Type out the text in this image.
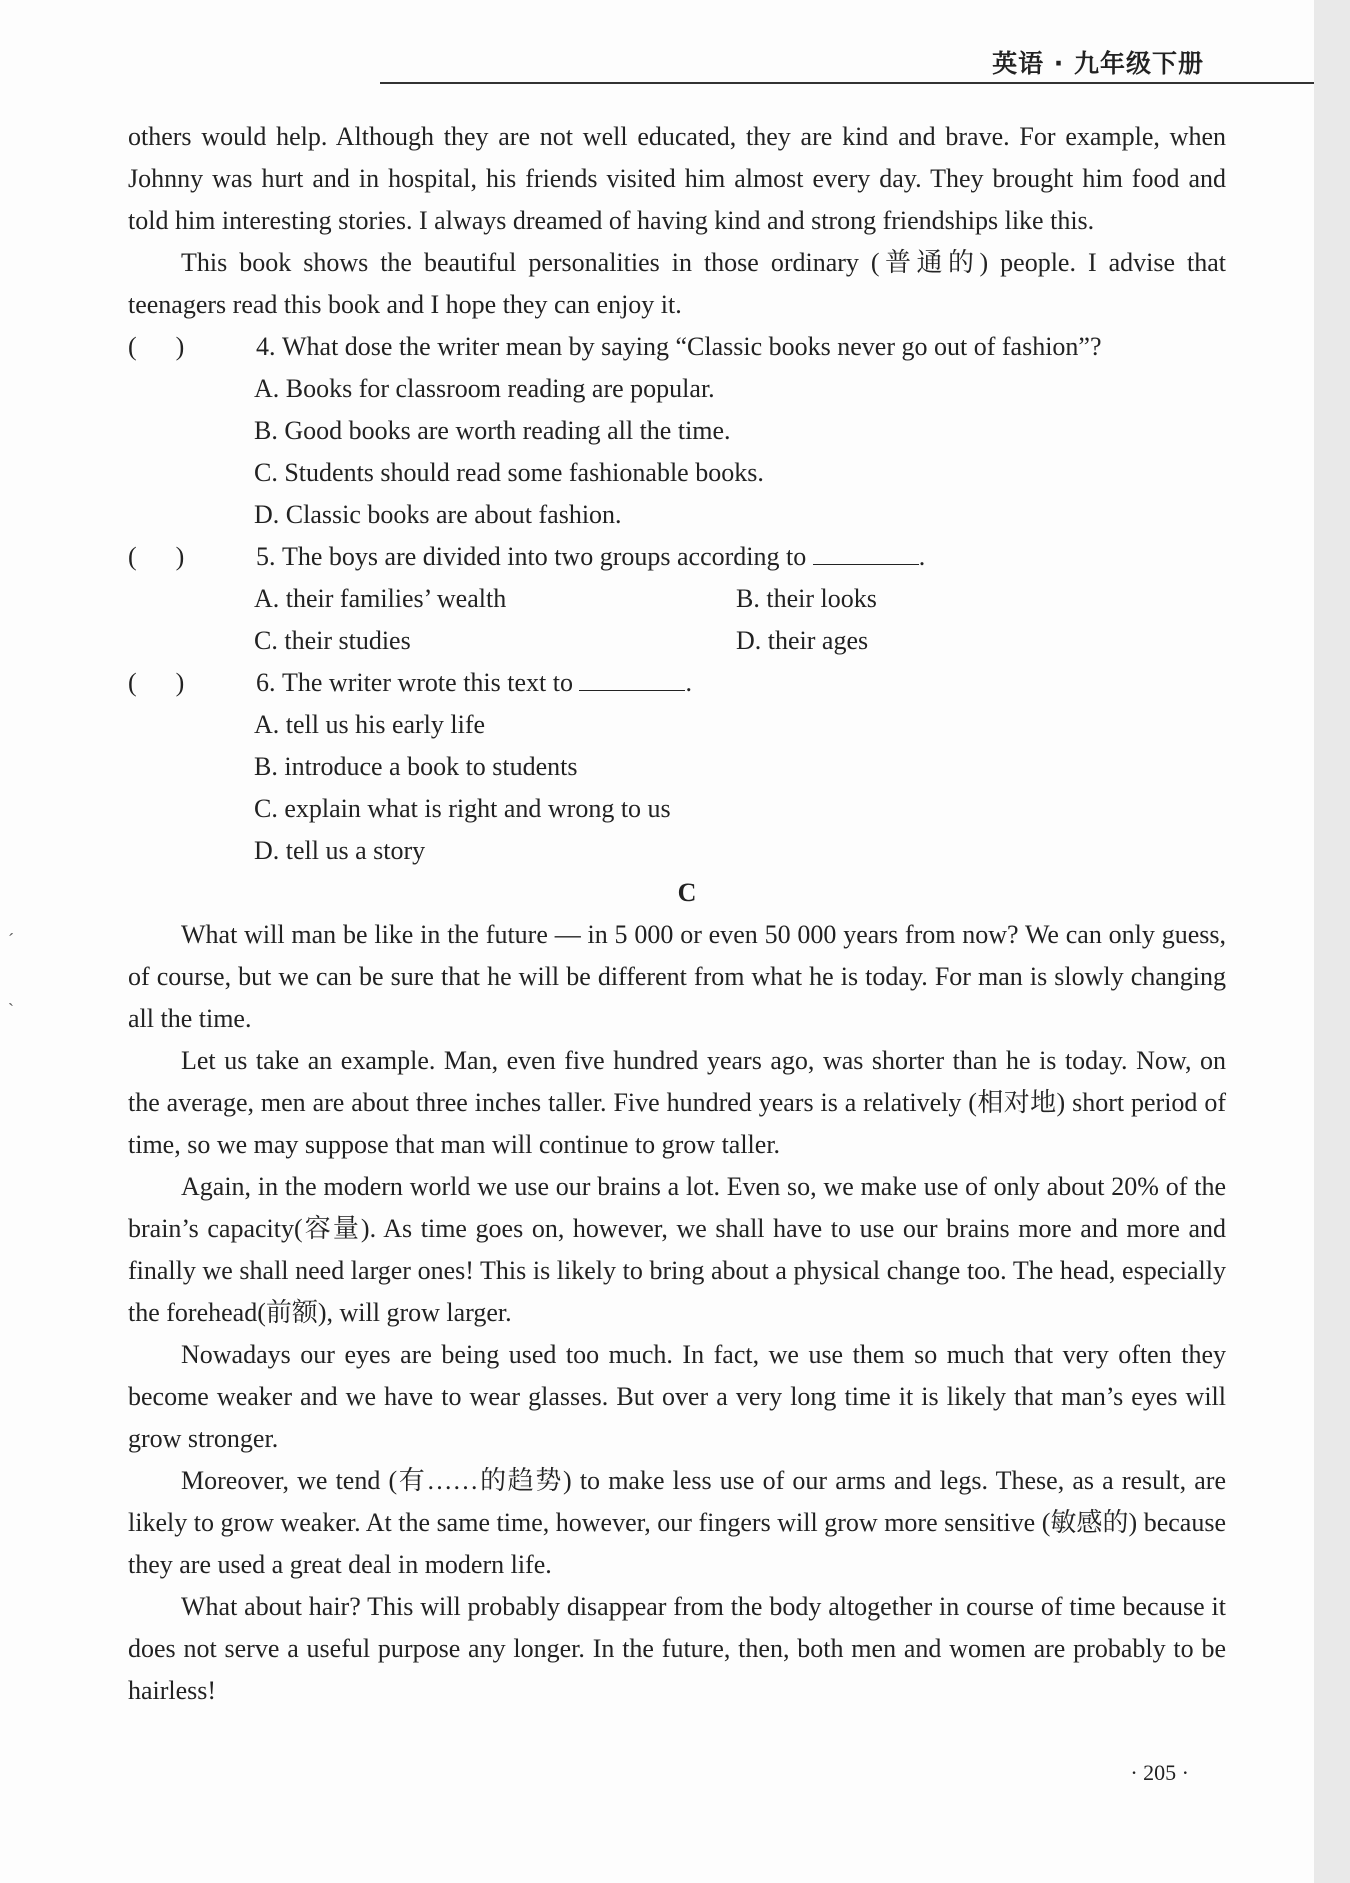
英语 · 九年级下册
ˊ
ˋ

others would help. Although they are not well educated, they are kind and brave. For example, when Johnny was hurt and in hospital, his friends visited him almost every day. They brought him food and told him interesting stories. I always dreamed of having kind and strong friendships like this.

This book shows the beautiful personalities in those ordinary (普通的) people. I advise that teenagers read this book and I hope they can enjoy it.

(      )	4. What dose the writer mean by saying “Classic books never go out of fashion”?
A. Books for classroom reading are popular.
B. Good books are worth reading all the time.
C. Students should read some fashionable books.
D. Classic books are about fashion.
(      )	5. The boys are divided into two groups according to	.
A. their families’ wealth	B. their looks
C. their studies	D. their ages
(      )	6. The writer wrote this text to	.
A. tell us his early life
B. introduce a book to students
C. explain what is right and wrong to us
D. tell us a story
C

What will man be like in the future — in 5 000 or even 50 000 years from now? We can only guess, of course, but we can be sure that he will be different from what he is today. For man is slowly changing all the time.

Let us take an example. Man, even five hundred years ago, was shorter than he is today. Now, on the average, men are about three inches taller. Five hundred years is a relatively (相对地) short period of time, so we may suppose that man will continue to grow taller.

Again, in the modern world we use our brains a lot. Even so, we make use of only about 20% of the brain’s capacity(容量). As time goes on, however, we shall have to use our brains more and more and finally we shall need larger ones! This is likely to bring about a physical change too. The head, especially the forehead(前额), will grow larger.

Nowadays our eyes are being used too much. In fact, we use them so much that very often they become weaker and we have to wear glasses. But over a very long time it is likely that man’s eyes will grow stronger.

Moreover, we tend (有……的趋势) to make less use of our arms and legs. These, as a result, are likely to grow weaker. At the same time, however, our fingers will grow more sensitive (敏感的) because they are used a great deal in modern life.

What about hair? This will probably disappear from the body altogether in course of time because it does not serve a useful purpose any longer. In the future, then, both men and women are probably to be hairless!

· 205 ·
